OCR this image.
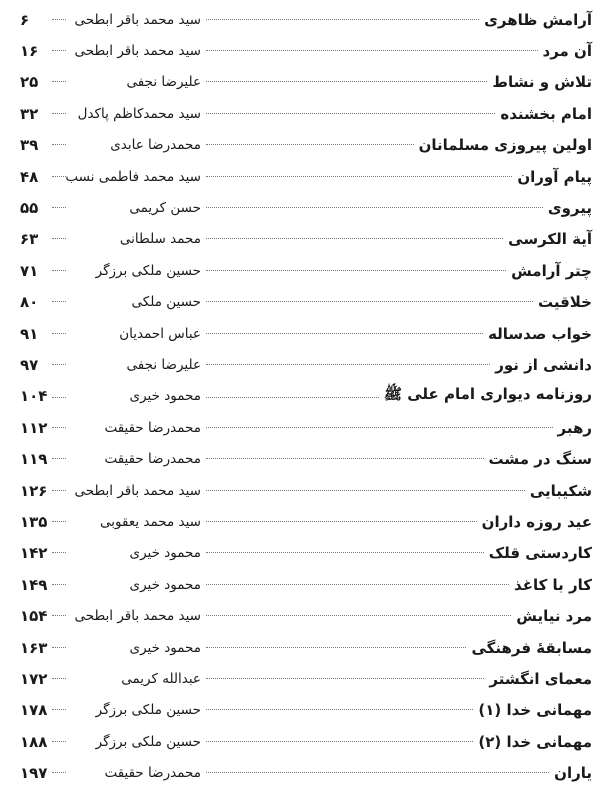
۶	سید محمد باقر ابطحی	آرامش ظاهری
۱۶	سید محمد باقر ابطحی	آن مرد
۲۵	علیرضا نجفی	تلاش و نشاط
۳۲	سید محمدکاظم پاکدل	امام بخشنده
۳۹	محمدرضا عابدی	اولین پیروزی مسلمانان
۴۸	سید محمد فاطمی نسب	پیام آوران
۵۵	حسن کریمی	پیروی
۶۳	محمد سلطانی	آیة الکرسی
۷۱	حسین ملکی برزگر	چتر آرامش
۸۰	حسین ملکی	خلاقیت
۹۱	عباس احمدیان	خواب صدساله
۹۷	علیرضا نجفی	دانشی از نور
۱۰۴	محمود خیری	روزنامه دیواری امام علی ﷺ
۱۱۲	محمدرضا حقیقت	رهبر
۱۱۹	محمدرضا حقیقت	سنگ در مشت
۱۲۶ سید محمد باقر ابطحی	شکیبایی
۱۳۵	سید محمد یعقوبی	عید روزه داران
۱۴۲	محمود خیری	کاردستی قلک
۱۴۹	محمود خیری	کار با کاغذ
۱۵۴ سید محمد باقر ابطحی	مرد نیایش
۱۶۳	محمود خیری	مسابقهٔ فرهنگی
۱۷۲	عبدالله کریمی	معمای انگشتر
۱۷۸	حسین ملکی برزگر	مهمانی خدا (۱)
۱۸۸	حسین ملکی برزگر	مهمانی خدا (۲)
۱۹۷	محمدرضا حقیقت	یاران
